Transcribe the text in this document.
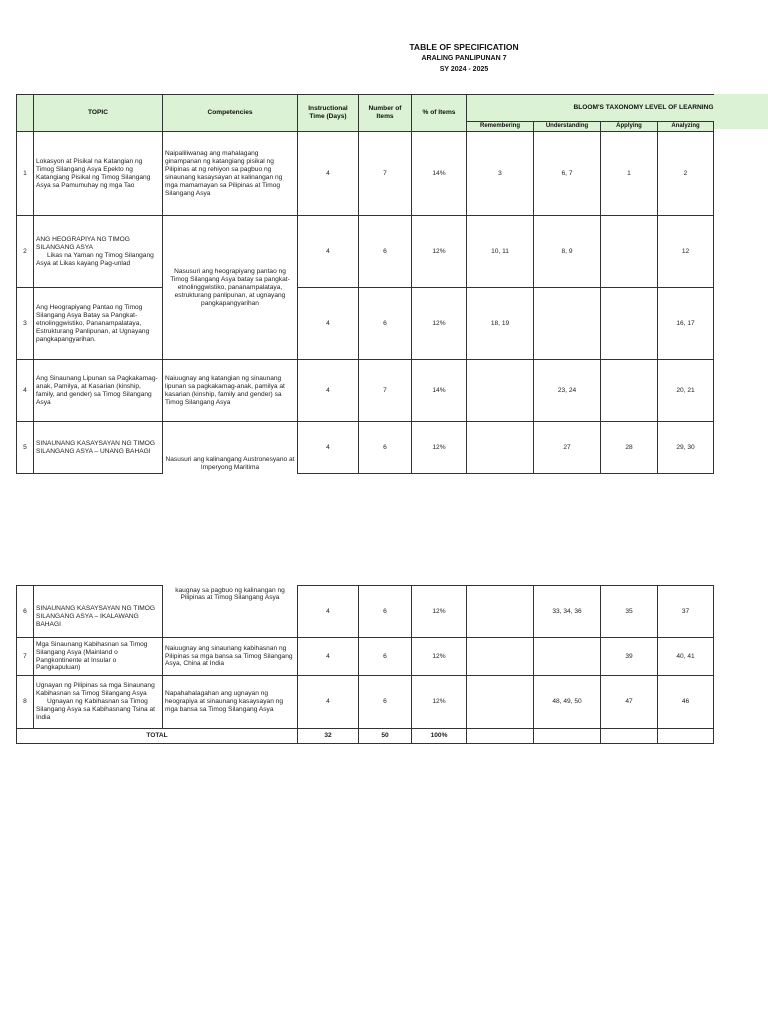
TABLE OF SPECIFICATION
ARALING PANLIPUNAN 7
SY 2024 - 2025
	TOPIC	Competencies	Instructional Time (Days)	Number of Items	% of Items	BLOOM'S TAXONOMY LEVEL OF LEARNING			
						Remembering	Understanding	Applying	Analyzing
1	Lokasyon at Pisikal na Katangian ng Timog Silangang Asya Epekto ng Katangiang Pisikal ng Timog Silangang Asya sa Pamumuhay ng mga Tao	Naipaliliwanag ang mahalagang ginampanan ng katangiang pisikal ng Pilipinas at ng rehiyon sa pagbuo ng sinaunang kasaysayan at kalinangan ng mga mamamayan sa Pilipinas at Timog Silangang Asya	4	7	14%	3	6, 7	1	2
2	ANG HEOGRAPIYA NG TIMOG SILANGANG ASYA
Likas na Yaman ng Timog Silangang Asya at Likas kayang Pag-unlad	Nasusuri ang heograpiyang pantao ng Timog Silangang Asya batay sa pangkat-etnolinggwistiko, pananampalataya, estrukturang panlipunan, at ugnayang pangkapangyarihan	4	6	12%	10, 11	8, 9		12
3	Ang Heograpiyang Pantao ng Timog Silangang Asya Batay sa Pangkat-etnolinggwistiko, Pananampalataya, Estrukturang Panlipunan, at Ugnayang pangkapangyarihan.		4	6	12%	18, 19			16, 17
4	Ang Sinaunang Lipunan sa Pagkakamag-anak, Pamilya, at Kasarian (kinship, family, and gender) sa Timog Silangang Asya	Naiuugnay ang katangian ng sinaunang lipunan sa pagkakamag-anak, pamilya at kasarian (kinship, family and gender) sa Timog Silangang Asya	4	7	14%		23, 24		20, 21
5	SINAUNANG KASAYSAYAN NG TIMOG SILANGANG ASYA – UNANG BAHAGI	Nasusuri ang kalinangang Austronesyano at Imperyong Maritima	4	6	12%		27	28	29, 30
6	SINAUNANG KASAYSAYAN NG TIMOG SILANGANG ASYA – IKALAWANG BAHAGI	kaugnay sa pagbuo ng kalinangan ng Pilipinas at Timog Silangang Asya	4	6	12%		33, 34, 36	35	37
7	Mga Sinaunang Kabihasnan sa Timog Silangang Asya (Mainland o Pangkontinente at Insular o Pangkapuluan)	Naiuugnay ang sinaunang kabihasnan ng Pilipinas sa mga bansa sa Timog Silangang Asya, China at India	4	6	12%			39	40, 41
8	Ugnayan ng Pilipinas sa mga Sinaunang Kabihasnan sa Timog Silangang Asya
Ugnayan ng Kabihasnan sa Timog Silangang Asya sa Kabihasnang Tsina at India	Napahahalagahan ang ugnayan ng heograpiya at sinaunang kasaysayan ng mga bansa sa Timog Silangang Asya	4	6	12%		48, 49, 50	47	46
TOTAL			32	50	100%				
